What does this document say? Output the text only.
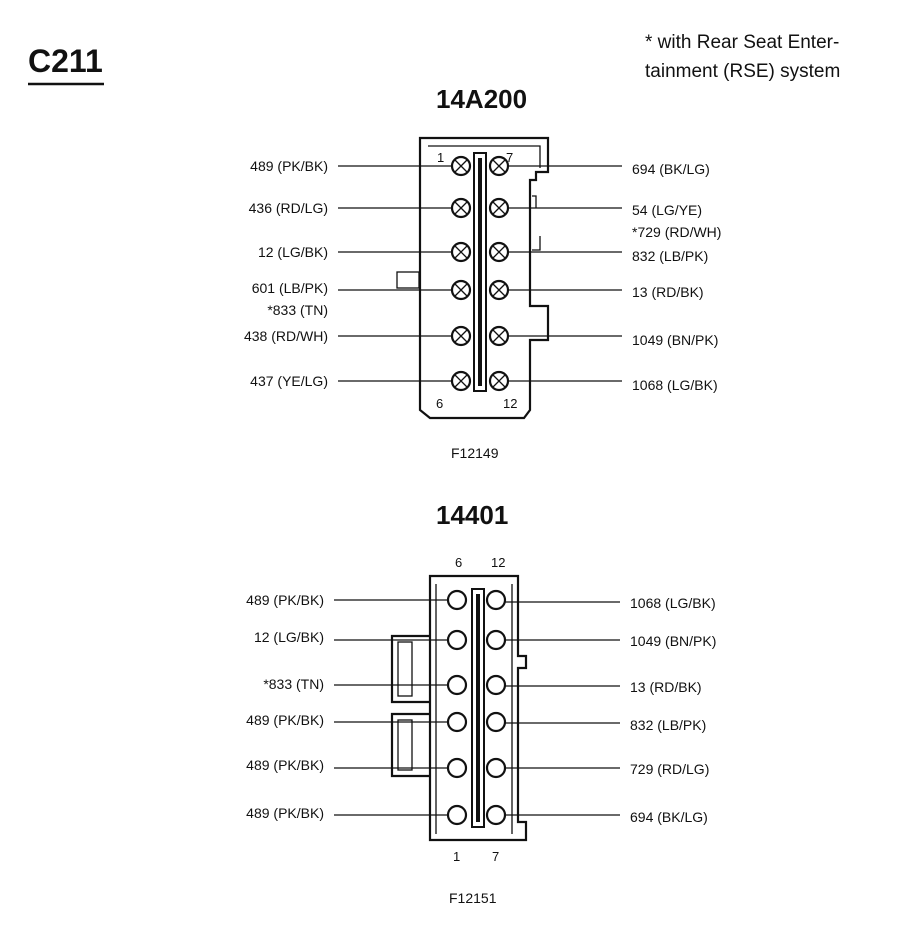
C211
* with Rear Seat Enter-
tainment (RSE) system
14A200
1	7
6	12
489 (PK/BK)
436 (RD/LG)
12 (LG/BK)
601 (LB/PK)
*833 (TN)
438 (RD/WH)
437 (YE/LG)
694 (BK/LG)
54 (LG/YE)
*729 (RD/WH)
832 (LB/PK)
13 (RD/BK)
1049 (BN/PK)
1068 (LG/BK)
F12149
14401
6 12
1 7
489 (PK/BK)
12 (LG/BK)
*833 (TN)
489 (PK/BK)
489 (PK/BK)
489 (PK/BK)
1068 (LG/BK)
1049 (BN/PK)
13 (RD/BK)
832 (LB/PK)
729 (RD/LG)
694 (BK/LG)
F12151
